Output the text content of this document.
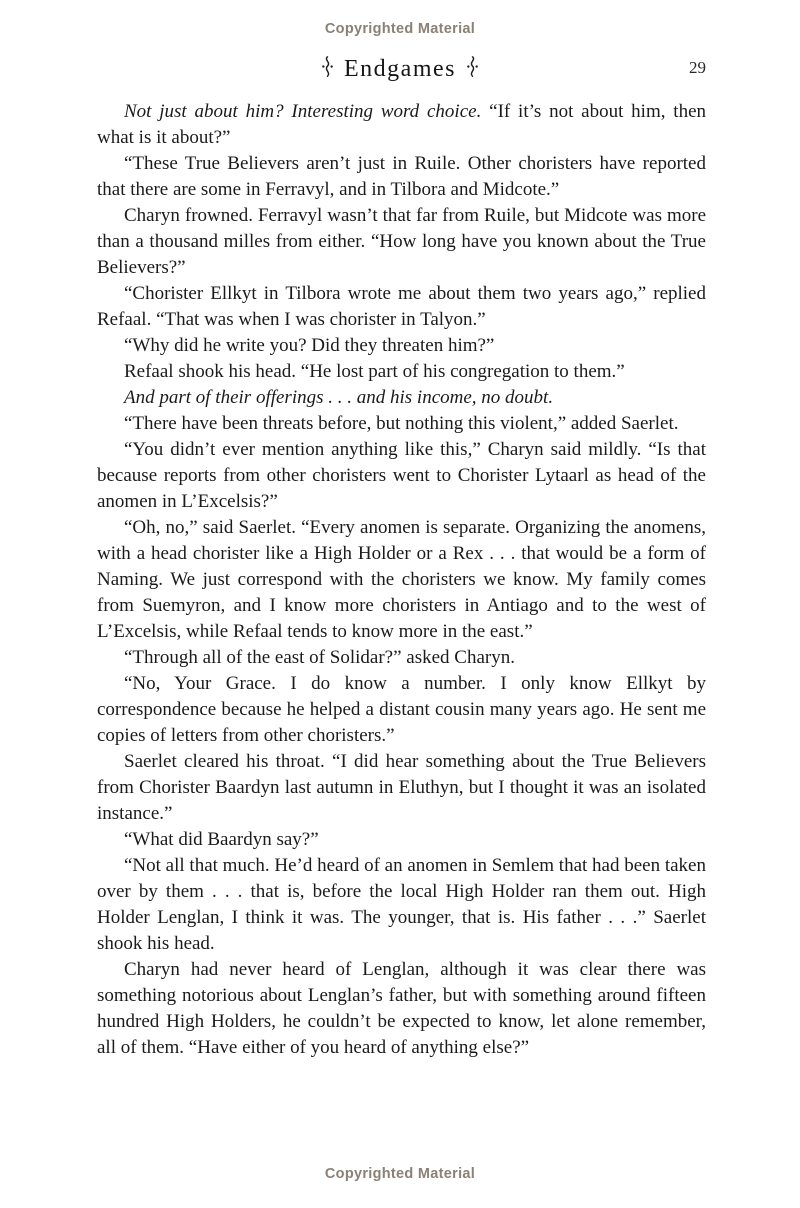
Copyrighted Material
Endgames	29

Not just about him? Interesting word choice. “If it’s not about him, then what is it about?”

“These True Believers aren’t just in Ruile. Other choristers have reported that there are some in Ferravyl, and in Tilbora and Midcote.”

Charyn frowned. Ferravyl wasn’t that far from Ruile, but Midcote was more than a thousand milles from either. “How long have you known about the True Believers?”

“Chorister Ellkyt in Tilbora wrote me about them two years ago,” replied Refaal. “That was when I was chorister in Talyon.”

“Why did he write you? Did they threaten him?”

Refaal shook his head. “He lost part of his congregation to them.”

And part of their offerings . . . and his income, no doubt.

“There have been threats before, but nothing this violent,” added Saerlet.

“You didn’t ever mention anything like this,” Charyn said mildly. “Is that because reports from other choristers went to Chorister Lytaarl as head of the anomen in L’Excelsis?”

“Oh, no,” said Saerlet. “Every anomen is separate. Organizing the anomens, with a head chorister like a High Holder or a Rex . . . that would be a form of Naming. We just correspond with the choristers we know. My family comes from Suemyron, and I know more choristers in Antiago and to the west of L’Excelsis, while Refaal tends to know more in the east.”

“Through all of the east of Solidar?” asked Charyn.

“No, Your Grace. I do know a number. I only know Ellkyt by correspondence because he helped a distant cousin many years ago. He sent me copies of letters from other choristers.”

Saerlet cleared his throat. “I did hear something about the True Believers from Chorister Baardyn last autumn in Eluthyn, but I thought it was an isolated instance.”

“What did Baardyn say?”

“Not all that much. He’d heard of an anomen in Semlem that had been taken over by them . . . that is, before the local High Holder ran them out. High Holder Lenglan, I think it was. The younger, that is. His father . . .” Saerlet shook his head.

Charyn had never heard of Lenglan, although it was clear there was something notorious about Lenglan’s father, but with something around fifteen hundred High Holders, he couldn’t be expected to know, let alone remember, all of them. “Have either of you heard of anything else?”

Copyrighted Material
